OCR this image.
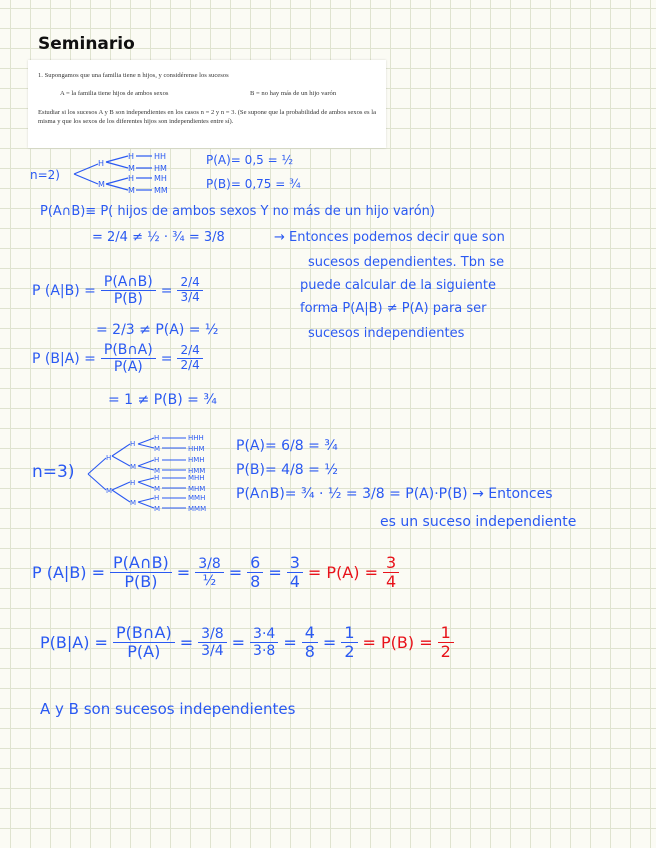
Seminario
1. Supongamos que una familia tiene n hijos, y considérense los sucesos
A = la familia tiene hijos de ambos sexos	B = no hay más de un hijo varón
Estudiar si los sucesos A y B son independientes en los casos n = 2 y n = 3. (Se supone que la probabilidad de ambos sexos es la misma y que los sexos de los diferentes hijos son independientes entre sí).
n=2)
H
M
H
M
H
M
HH
HM
MH
MM
P(A)= 0,5 = ½
P(B)= 0,75 = ¾
P(A∩B)≡ P( hijos de ambos sexos Y no más de un hijo varón)
= 2/4 ≠ ½ · ¾ = 3/8	→ Entonces podemos decir que son
sucesos dependientes. Tbn se
puede calcular de la siguiente
forma P(A|B) ≠ P(A) para ser
sucesos independientes
P $(A|B) = \frac{P(A\cap B)}{P(B)} = \frac{2/4}{3/4}$
= 2/3 ≠ P(A) = ½
P $(B|A) = \frac{P(B\cap A)}{P(A)} = \frac{2/4}{2/4}$
= 1 ≠ P(B) = ¾
n=3)
H
M
H
M
H
M
H
M
H
M
H
M
H
M
HHH
HHM
HMH
HMM
MHH
MHM
MMH
MMM
P(A)= 6/8 = ¾
P(B)= 4/8 = ½
P(A∩B)= ¾ · ½ = 3/8 = P(A)·P(B) → Entonces
es un suceso independiente
P $(A|B) = \frac{P(A\cap B)}{P(B)} = \frac{3/8}{\text{½}} = \frac{6}{8} = \frac{3}{4} = P(A) = \frac{3}{4}$
$P(B|A) = \frac{P(B\cap A)}{P(A)} = \frac{3/8}{3/4} = \frac{3\cdot 4}{3\cdot 8} = \frac{4}{8} = \frac{1}{2} = P(B) = \frac{1}{2}$
A y B son sucesos independientes
